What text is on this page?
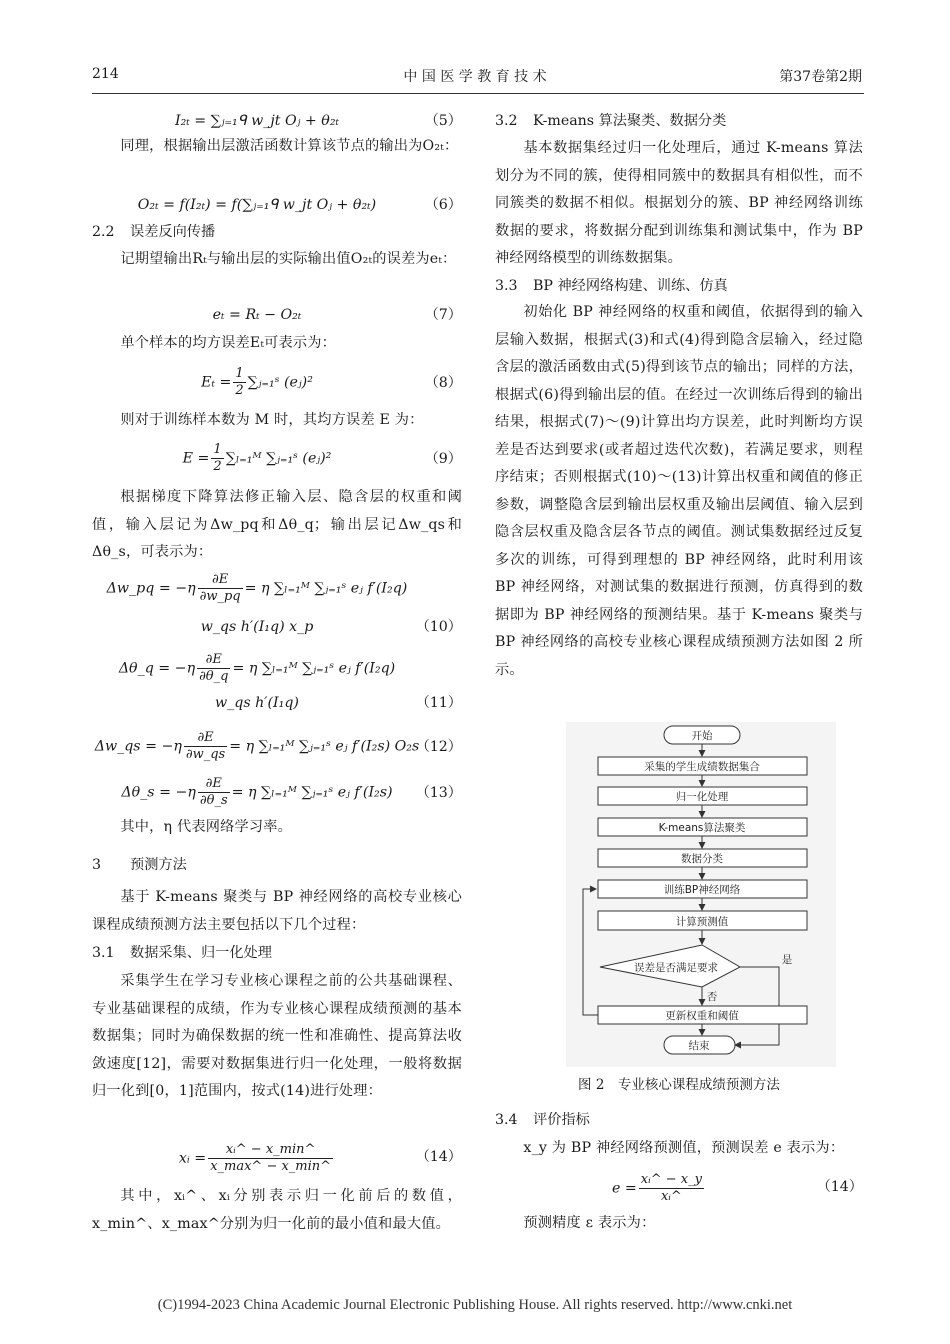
214	中 国 医 学 教 育 技 术	第37卷第2期
I₂ₜ = ∑ⱼ₌₁ᑫ w_jt Oⱼ + θ₂ₜ	（5）

同理，根据输出层激活函数计算该节点的输出为O₂ₜ：

O₂ₜ = f(I₂ₜ) = f(∑ⱼ₌₁ᑫ w_jt Oⱼ + θ₂ₜ)	（6）

2.2 误差反向传播

记期望输出Rₜ与输出层的实际输出值O₂ₜ的误差为eₜ：

eₜ = Rₜ − O₂ₜ	（7）

单个样本的均方误差Eₜ可表示为：

$E_t = \frac{1}{2}$ ∑ⱼ₌₁ˢ (eⱼ)²	（8）

则对于训练样本数为 M 时，其均方误差 E 为：

$E = \frac{1}{2}$ ∑ₗ₌₁ᴹ ∑ⱼ₌₁ˢ (eⱼ)²	（9）

根据梯度下降算法修正输入层、隐含层的权重和阈值，输入层记为Δw_pq和Δθ_q；输出层记Δw_qs和Δθ_s，可表示为：

Δw_pq = $-\eta \frac{\partial E}{\partial w\_pq} = \eta$ ∑ₗ₌₁ᴹ ∑ⱼ₌₁ˢ eⱼ f′(I₂q)
w_qs h′(I₁q) x_p	（10）
Δθ_q = $-\eta \frac{\partial E}{\partial\theta\_q} = \eta$ ∑ₗ₌₁ᴹ ∑ⱼ₌₁ˢ eⱼ f′(I₂q)
w_qs h′(I₁q)	（11）
Δw_qs = $-\eta \frac{\partial E}{\partial w\_qs} = \eta$ ∑ₗ₌₁ᴹ ∑ⱼ₌₁ˢ eⱼ f′(I₂s) O₂s
（12）
Δθ_s = $-\eta \frac{\partial E}{\partial\theta\_s} = \eta$ ∑ₗ₌₁ᴹ ∑ⱼ₌₁ˢ eⱼ f′(I₂s)	（13）

其中，η 代表网络学习率。

3 预测方法

基于 K-means 聚类与 BP 神经网络的高校专业核心课程成绩预测方法主要包括以下几个过程：

3.1 数据采集、归一化处理

采集学生在学习专业核心课程之前的公共基础课程、专业基础课程的成绩，作为专业核心课程成绩预测的基本数据集；同时为确保数据的统一性和准确性、提高算法收敛速度[12]，需要对数据集进行归一化处理，一般将数据归一化到[0，1]范围内，按式(14)进行处理：

xᵢ = $\frac{\text{xᵢ\textasciicircum{} − x\_min\textasciicircum{}}}{x\_\max\^{} - x\_\min\^{}}$	（14）

其中，xᵢ^、xᵢ分别表示归一化前后的数值，x_min^、x_max^分别为归一化前的最小值和最大值。

3.2 K-means 算法聚类、数据分类

基本数据集经过归一化处理后，通过 K-means 算法划分为不同的簇，使得相同簇中的数据具有相似性，而不同簇类的数据不相似。根据划分的簇、BP 神经网络训练数据的要求，将数据分配到训练集和测试集中，作为 BP 神经网络模型的训练数据集。

3.3 BP 神经网络构建、训练、仿真

初始化 BP 神经网络的权重和阈值，依据得到的输入层输入数据，根据式(3)和式(4)得到隐含层输入，经过隐含层的激活函数由式(5)得到该节点的输出；同样的方法，根据式(6)得到输出层的值。在经过一次训练后得到的输出结果，根据式(7)～(9)计算出均方误差，此时判断均方误差是否达到要求(或者超过迭代次数)，若满足要求，则程序结束；否则根据式(10)～(13)计算出权重和阈值的修正参数，调整隐含层到输出层权重及输出层阈值、输入层到隐含层权重及隐含层各节点的阈值。测试集数据经过反复多次的训练，可得到理想的 BP 神经网络，此时利用该 BP 神经网络，对测试集的数据进行预测，仿真得到的数据即为 BP 神经网络的预测结果。基于 K-means 聚类与 BP 神经网络的高校专业核心课程成绩预测方法如图 2 所示。

3.4 评价指标

x_y 为 BP 神经网络预测值，预测误差 e 表示为：

$e = \frac{\text{xᵢ\textasciicircum{} − x\_y}}{\text{xᵢ\textasciicircum{}}}$	（14）

预测精度 ε 表示为：

开始
采集的学生成绩数据集合
归一化处理
K-means算法聚类
数据分类
训练BP神经网络
计算预测值
误差是否满足要求
是
否
更新权重和阈值
结束
图 2　专业核心课程成绩预测方法
(C)1994-2023 China Academic Journal Electronic Publishing House. All rights reserved. http://www.cnki.net
